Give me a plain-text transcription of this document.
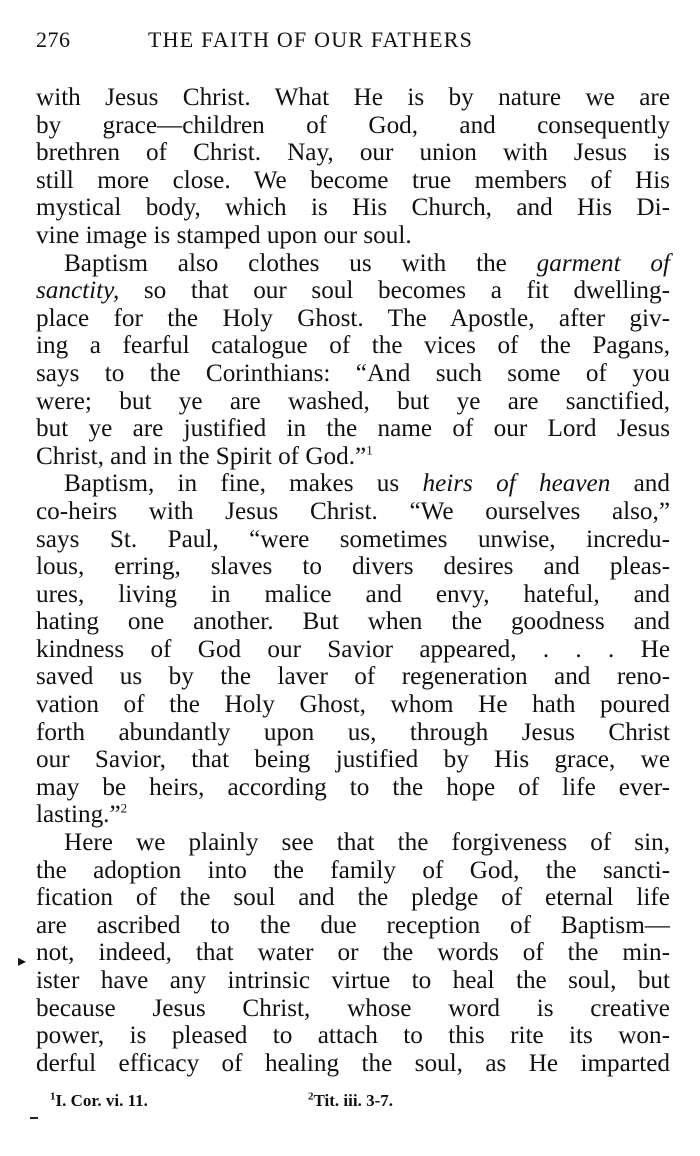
276	THE FAITH OF OUR FATHERS
with Jesus Christ. What He is by nature we are
by grace—children of God, and consequently
brethren of Christ. Nay, our union with Jesus is
still more close. We become true members of His
mystical body, which is His Church, and His Di-
vine image is stamped upon our soul.
Baptism also clothes us with the garment of
sanctity, so that our soul becomes a fit dwelling-
place for the Holy Ghost. The Apostle, after giv-
ing a fearful catalogue of the vices of the Pagans,
says to the Corinthians: “And such some of you
were; but ye are washed, but ye are sanctified,
but ye are justified in the name of our Lord Jesus
Christ, and in the Spirit of God.”$^1$
Baptism, in fine, makes us heirs of heaven and
co-heirs with Jesus Christ. “We ourselves also,”
says St. Paul, “were sometimes unwise, incredu-
lous, erring, slaves to divers desires and pleas-
ures, living in malice and envy, hateful, and
hating one another. But when the goodness and
kindness of God our Savior appeared, . . . He
saved us by the laver of regeneration and reno-
vation of the Holy Ghost, whom He hath poured
forth abundantly upon us, through Jesus Christ
our Savior, that being justified by His grace, we
may be heirs, according to the hope of life ever-
lasting.”$^2$
Here we plainly see that the forgiveness of sin,
the adoption into the family of God, the sancti-
fication of the soul and the pledge of eternal life
are ascribed to the due reception of Baptism—
not, indeed, that water or the words of the min-
ister have any intrinsic virtue to heal the soul, but
because Jesus Christ, whose word is creative
power, is pleased to attach to this rite its won-
derful efficacy of healing the soul, as He imparted
▸
$^1$I. Cor. vi. 11.	$^2$Tit. iii. 3-7.
